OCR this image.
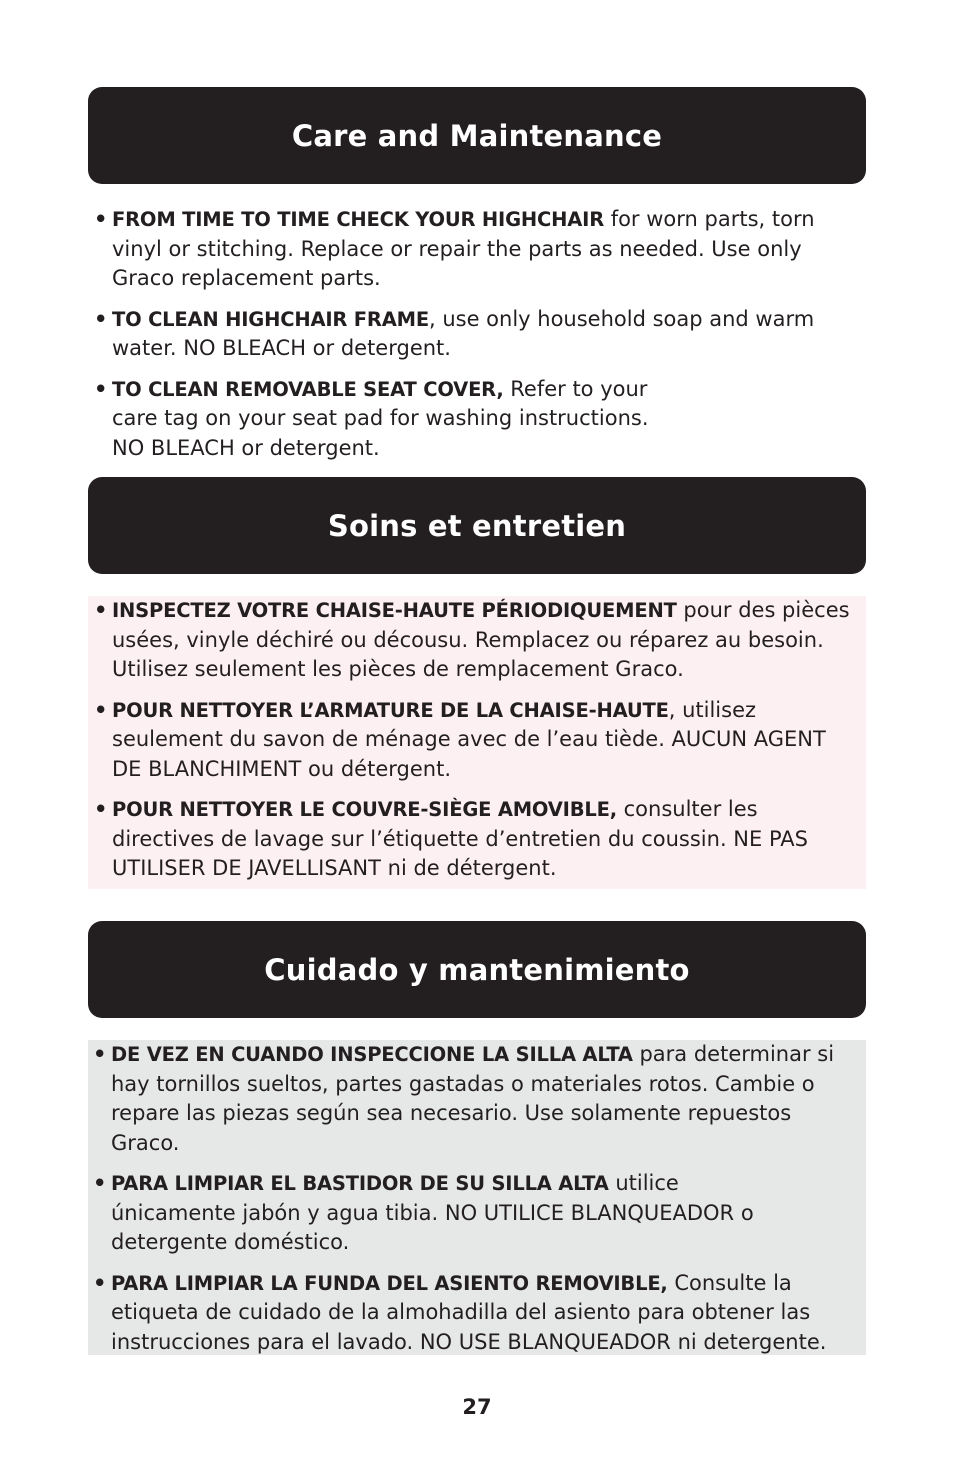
Care and Maintenance
• FROM TIME TO TIME CHECK YOUR HIGHCHAIR for worn parts, torn vinyl or stitching. Replace or repair the parts as needed. Use only Graco replacement parts.
• TO CLEAN HIGHCHAIR FRAME, use only household soap and warm water. NO BLEACH or detergent.
• TO CLEAN REMOVABLE SEAT COVER, Refer to your care tag on your seat pad for washing instructions. NO BLEACH or detergent.
Soins et entretien
• INSPECTEZ VOTRE CHAISE-HAUTE PÉRIODIQUEMENT pour des pièces usées, vinyle déchiré ou décousu. Remplacez ou réparez au besoin. Utilisez seulement les pièces de remplacement Graco.
• POUR NETTOYER L’ARMATURE DE LA CHAISE-HAUTE, utilisez seulement du savon de ménage avec de l’eau tiède. AUCUN AGENT DE BLANCHIMENT ou détergent.
• POUR NETTOYER LE COUVRE-SIÈGE AMOVIBLE, consulter les directives de lavage sur l’étiquette d’entretien du coussin. NE PAS UTILISER DE JAVELLISANT ni de détergent.
Cuidado y mantenimiento
• DE VEZ EN CUANDO INSPECCIONE LA SILLA ALTA para determinar si hay tornillos sueltos, partes gastadas o materiales rotos. Cambie o repare las piezas según sea necesario. Use solamente repuestos Graco.
• PARA LIMPIAR EL BASTIDOR DE SU SILLA ALTA utilice únicamente jabón y agua tibia. NO UTILICE BLANQUEADOR o detergente doméstico.
• PARA LIMPIAR LA FUNDA DEL ASIENTO REMOVIBLE, Consulte la etiqueta de cuidado de la almohadilla del asiento para obtener las instrucciones para el lavado. NO USE BLANQUEADOR ni detergente.
27
